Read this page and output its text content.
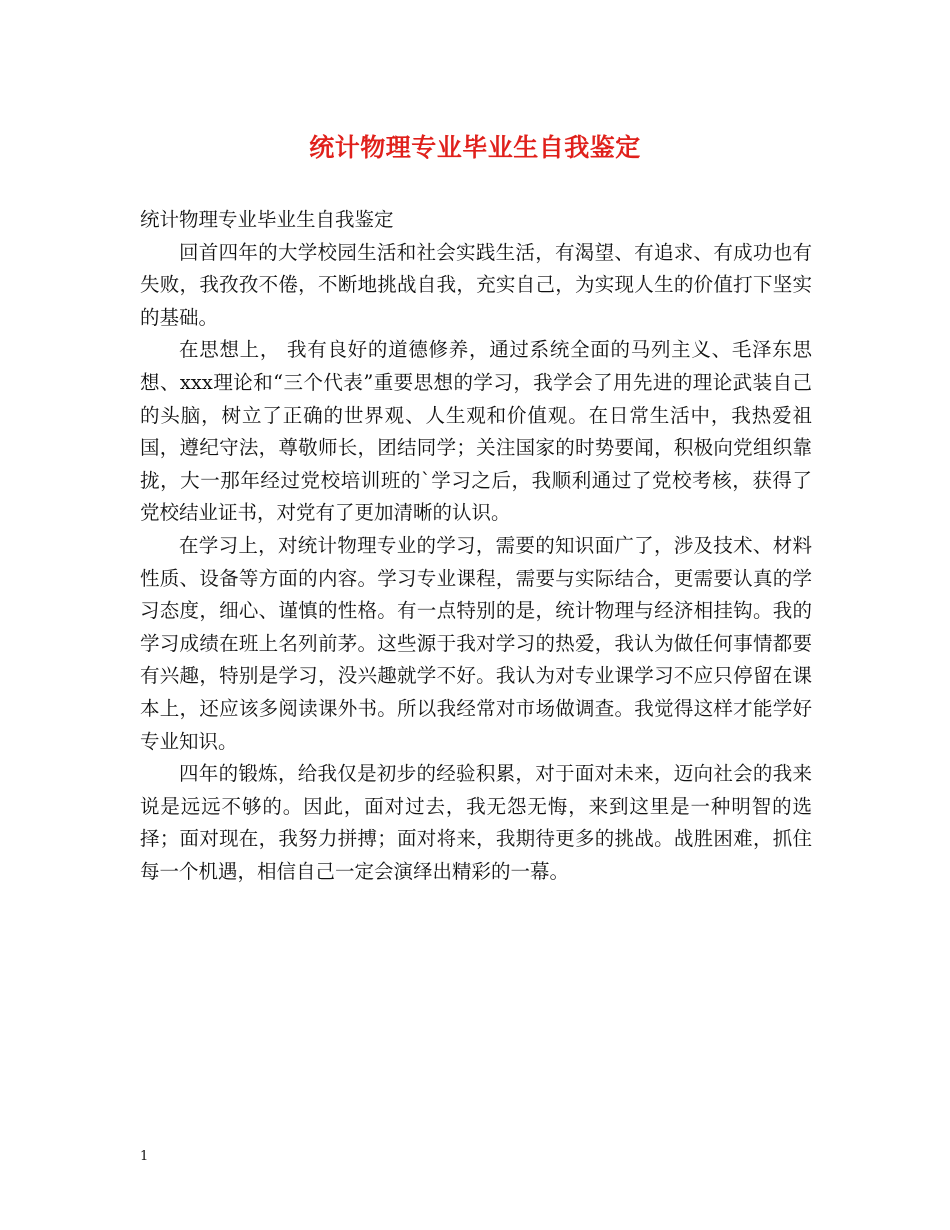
统计物理专业毕业生自我鉴定

统计物理专业毕业生自我鉴定

回首四年的大学校园生活和社会实践生活，有渴望、有追求、有成功也有失败，我孜孜不倦，不断地挑战自我，充实自己，为实现人生的价值打下坚实的基础。

在思想上， 我有良好的道德修养，通过系统全面的马列主义、毛泽东思想、xxx理论和“三个代表”重要思想的学习，我学会了用先进的理论武装自己的头脑，树立了正确的世界观、人生观和价值观。在日常生活中，我热爱祖国，遵纪守法，尊敬师长，团结同学；关注国家的时势要闻，积极向党组织靠拢，大一那年经过党校培训班的`学习之后，我顺利通过了党校考核，获得了党校结业证书，对党有了更加清晰的认识。

在学习上，对统计物理专业的学习，需要的知识面广了，涉及技术、材料性质、设备等方面的内容。学习专业课程，需要与实际结合，更需要认真的学习态度，细心、谨慎的性格。有一点特别的是，统计物理与经济相挂钩。我的学习成绩在班上名列前茅。这些源于我对学习的热爱，我认为做任何事情都要有兴趣，特别是学习，没兴趣就学不好。我认为对专业课学习不应只停留在课本上，还应该多阅读课外书。所以我经常对市场做调查。我觉得这样才能学好专业知识。

四年的锻炼，给我仅是初步的经验积累，对于面对未来，迈向社会的我来说是远远不够的。因此，面对过去，我无怨无悔，来到这里是一种明智的选择；面对现在，我努力拼搏；面对将来，我期待更多的挑战。战胜困难，抓住每一个机遇，相信自己一定会演绎出精彩的一幕。

1
